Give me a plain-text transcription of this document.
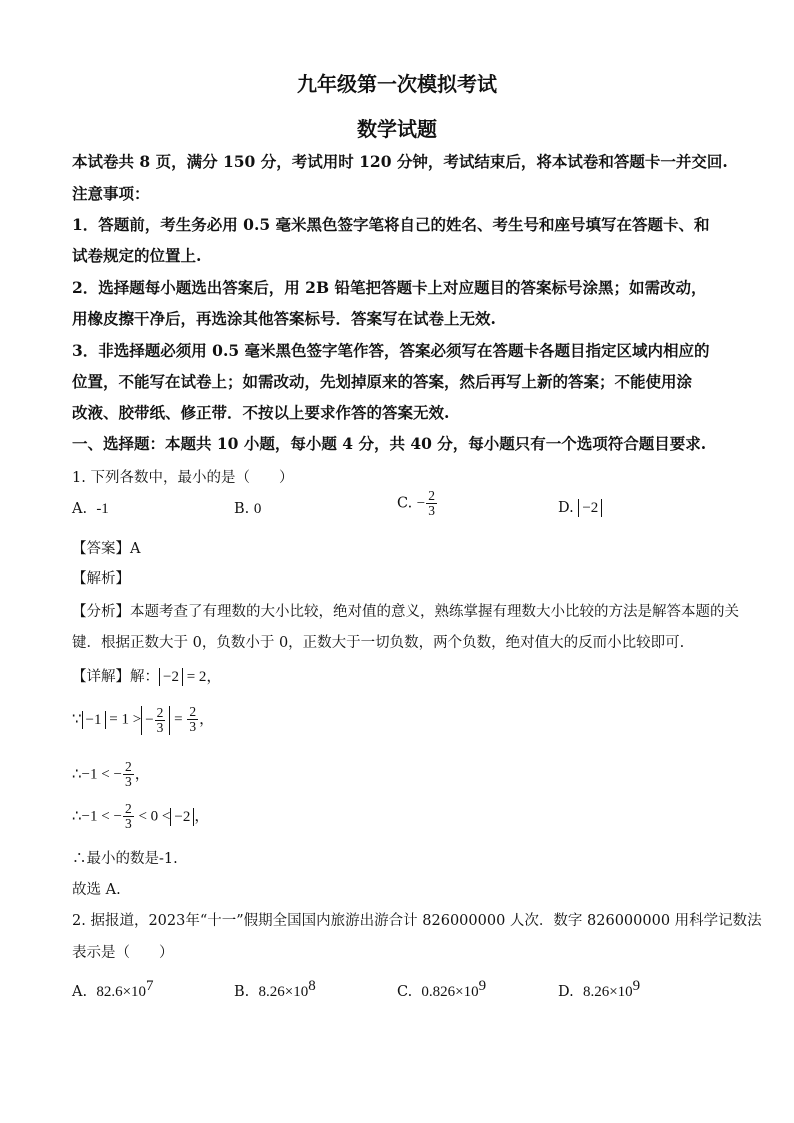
九年级第一次模拟考试
数学试题
本试卷共 8 页，满分 150 分，考试用时 120 分钟，考试结束后，将本试卷和答题卡一并交回.
注意事项：
1．答题前，考生务必用 0.5 毫米黑色签字笔将自己的姓名、考生号和座号填写在答题卡、和
试卷规定的位置上.
2．选择题每小题选出答案后，用 2B 铅笔把答题卡上对应题目的答案标号涂黑；如需改动，
用橡皮擦干净后，再选涂其他答案标号．答案写在试卷上无效.
3．非选择题必须用 0.5 毫米黑色签字笔作答，答案必须写在答题卡各题目指定区域内相应的
位置，不能写在试卷上；如需改动，先划掉原来的答案，然后再写上新的答案；不能使用涂
改液、胶带纸、修正带．不按以上要求作答的答案无效.
一、选择题：本题共 10 小题，每小题 4 分，共 40 分，每小题只有一个选项符合题目要求.
1. 下列各数中，最小的是（　　）
A. -1	B. 0	C. − $\frac{2}{3}$	D. −2
【答案】A
【解析】
【分析】本题考查了有理数的大小比较，绝对值的意义，熟练掌握有理数大小比较的方法是解答本题的关
键．根据正数大于 0，负数小于 0，正数大于一切负数，两个负数，绝对值大的反而小比较即可.
【详解】解： −2 = 2，
∵ −1 = 1 > − $\frac{2}{3} = \frac{2}{3}$ ，
∴−1 < − $\frac{2}{3}$ ，
∴−1 < − $\frac{2}{3} < 0 < -2$ ，
∴最小的数是-1.
故选 A.
2. 据报道，2023年“十一”假期全国国内旅游出游合计 826000000 人次．数字 826000000 用科学记数法
表示是（　　）
A. $82.6\times 10^7$	B. $8.26\times 10^8$	C. $0.826\times 10^9$	D. $8.26\times 10^9$
